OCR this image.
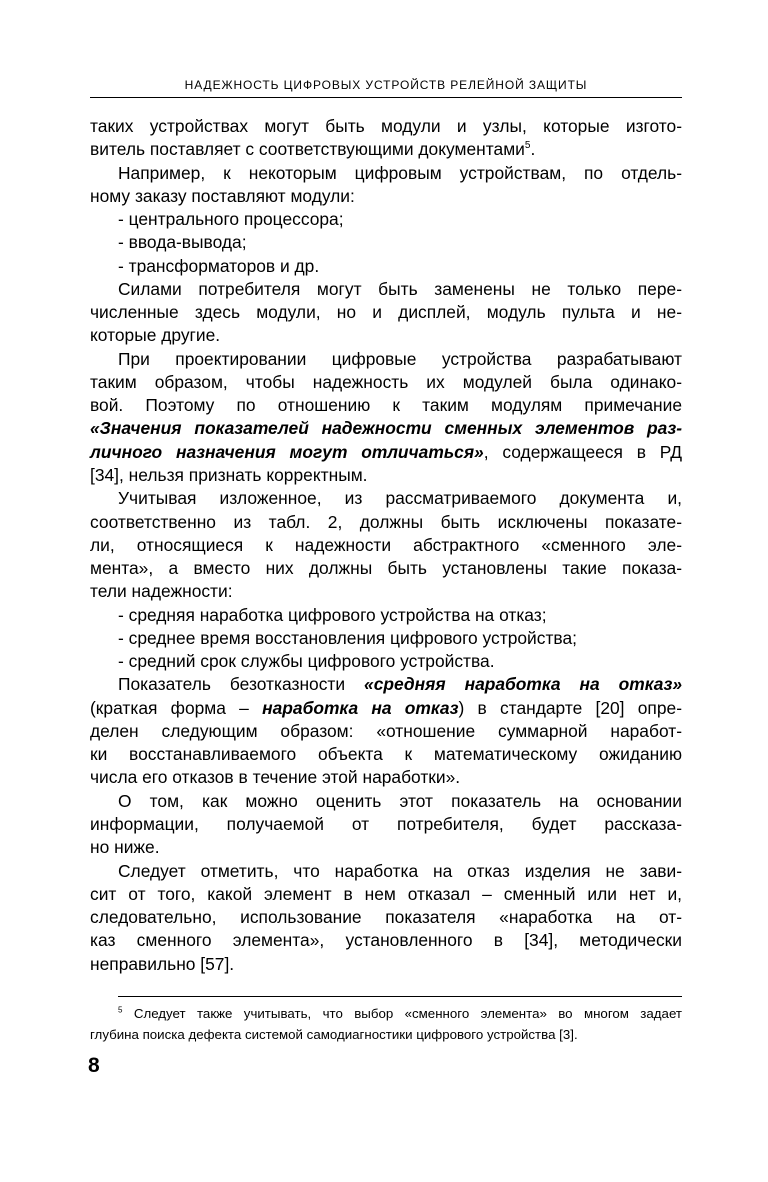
НАДЕЖНОСТЬ ЦИФРОВЫХ УСТРОЙСТВ РЕЛЕЙНОЙ ЗАЩИТЫ
таких устройствах могут быть модули и узлы, которые изгото-
витель поставляет с соответствующими документами$^5$.
Например, к некоторым цифровым устройствам, по отдель-
ному заказу поставляют модули:
- центрального процессора;
- ввода-вывода;
- трансформаторов и др.
Силами потребителя могут быть заменены не только пере-
численные здесь модули, но и дисплей, модуль пульта и не-
которые другие.
При проектировании цифровые устройства разрабатывают
таким образом, чтобы надежность их модулей была одинако-
вой. Поэтому по отношению к таким модулям примечание
«Значения показателей надежности сменных элементов раз-
личного назначения могут отличаться», содержащееся в РД
[34], нельзя признать корректным.
Учитывая изложенное, из рассматриваемого документа и,
соответственно из табл. 2, должны быть исключены показате-
ли, относящиеся к надежности абстрактного «сменного эле-
мента», а вместо них должны быть установлены такие показа-
тели надежности:
- средняя наработка цифрового устройства на отказ;
- среднее время восстановления цифрового устройства;
- средний срок службы цифрового устройства.
Показатель безотказности «средняя наработка на отказ»
(краткая форма – наработка на отказ) в стандарте [20] опре-
делен следующим образом: «отношение суммарной наработ-
ки восстанавливаемого объекта к математическому ожиданию
числа его отказов в течение этой наработки».
О том, как можно оценить этот показатель на основании
информации, получаемой от потребителя, будет рассказа-
но ниже.
Следует отметить, что наработка на отказ изделия не зави-
сит от того, какой элемент в нем отказал – сменный или нет и,
следовательно, использование показателя «наработка на от-
каз сменного элемента», установленного в [34], методически
неправильно [57].
$^5$ Следует также учитывать, что выбор «сменного элемента» во многом задает
глубина поиска дефекта системой самодиагностики цифрового устройства [3].
8
